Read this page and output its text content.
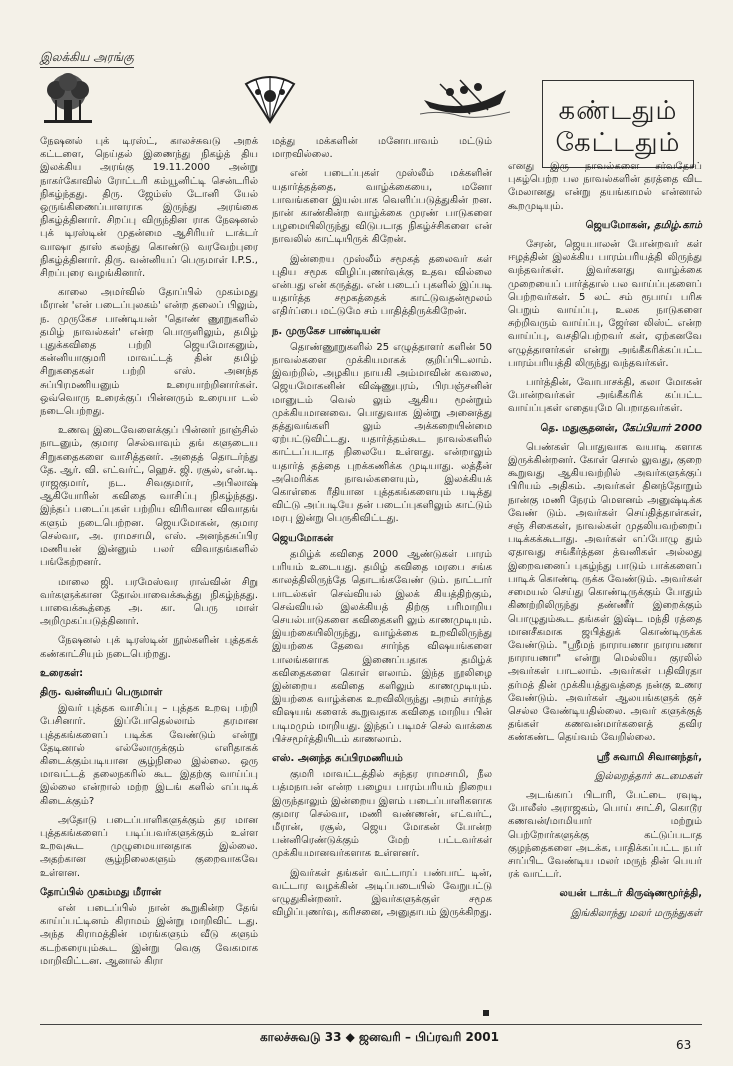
இலக்கிய அரங்கு
கண்டதும்
கேட்டதும்

நேஷனல் புக் டிரஸ்ட், காலச்சுவடு அறக் கட்டளை, நெய்தல் இணைந்து நிகழ்த் திய இலக்கிய அரங்கு 19.11.2000 அன்று நாகர்கோவில் ரோட்டரி கம்யூனிட்டி சென்டரில் நிகழ்ந்தது. திரு. ஜேம்ஸ் டோனி யேல் ஒருங்கிணைப்பாளராக இருந்து அரங்கை நிகழ்த்தினார். சிறப்பு விருந்தின ராக நேஷனல் புக் டிரஸ்டின் முதன்மை ஆசிரியர் டாக்டர் வாஷா தாஸ் கலந்து கொண்டு வரவேற்புரை நிகழ்த்தினார். திரு. வன்னியப் பெருமாள் I.P.S., சிறப்புரை வழங்கினார்.

காலை அமர்வில் தோப்பில் முகம்மது மீரான் 'என் படைப்புலகம்' என்ற தலைப் பிலும், ந. முருகேச பாண்டியன் 'தொண் ணூறுகளில் தமிழ் நாவல்கள்' என்ற பொருளிலும், தமிழ் புதுக்கவிதை பற்றி ஜெயமோகனும், கன்னியாகுமரி மாவட்டத் தின் தமிழ் சிறுகதைகள் பற்றி எஸ். அனந்த சுப்பிரமணியனும் உரையாற்றினார்கள். ஒவ்வொரு உரைக்குப் பின்னரும் உரையா டல் நடைபெற்றது.

உணவு இடைவேளைக்குப் பின்னர் நாஞ்சில் நாடனும், குமார செல்வாவும் தங் களுடைய சிறுகதைகளை வாசித்தனர். அதைத் தொடர்ந்து தே. ஆர். வி. எட்வர்ட், ஹெச். ஜி. ரசூல், என்.டி. ராஜகுமார், நட. சிவகுமார், அபிலாஷ் ஆகியோரின் கவிதை வாசிப்பு நிகழ்ந்தது. இந்தப் படைப்புகள் பற்றிய விரிவான விவாதங் களும் நடைபெற்றன. ஜெயமோகன், குமார செல்வா, அ. ராமசாமி, எஸ். அனந்தசுப்பிர மணியன் இன்னும் பலர் விவாதங்களில் பங்கேற்றனர்.

மாலை ஜி. பரமேஸ்வர ராவ்வின் சிறு வர்களுக்கான தோல்பாவைக்கூத்து நிகழ்ந்தது. பாவைக்கூத்தை அ. கா. பெரு மாள் அறிமுகப்படுத்தினார்.

நேஷனல் புக் டிரஸ்டின் நூல்களின் புத்தகக் கண்காட்சியும் நடைபெற்றது.

உரைகள்:

திரு. வன்னியப் பெருமாள்

இவர் புத்தக வாசிப்பு – புத்தக உறவு பற்றி பேசினார். இப்போதெல்லாம் தரமான புத்தகங்களைப் படிக்க வேண்டும் என்று தேடினால் எல்லோருக்கும் எளிதாகக் கிடைக்கும்படியான சூழ்நிலை இல்லை. ஒரு மாவட்டத் தலைநகரில் கூட இதற்கு வாய்ப்பு இல்லை என்றால் மற்ற இடங் களில் எப்படிக் கிடைக்கும்?

அதோடு படைப்பாளிகளுக்கும் தர மான புத்தகங்களைப் படிப்பவர்களுக்கும் உள்ள உறவுகூட முழுமையானதாக இல்லை. அதற்கான சூழ்நிலைகளும் குறைவாகவே உள்ளன.

தோப்பில் முகம்மது மீரான்

என் படைப்பில் நான் கூறுகின்ற தேங் காய்ப்பட்டினம் கிராமம் இன்று மாறிவிட் டது. அந்த கிராமத்தின் மரங்களும் வீடு களும் கடற்கரையும்கூட இன்று வெகு வேகமாக மாறிவிட்டன. ஆனால் கிரா

மத்து மக்களின் மனோபாவம் மட்டும் மாறவில்லை.

என் படைப்புகள் முஸ்லீம் மக்களின் யதார்த்தத்தை, வாழ்க்கையை, மனோ பாவங்களை இயல்பாக வெளிப்படுத்துகின் றன. நான் காண்கின்ற வாழ்க்கை முரண் பாடுகளை பழமையிலிருந்து விடுபடாத நிகழ்ச்சிகளை என் நாவலில் காட்டியிருக் கிறேன்.

இன்றைய முஸ்லீம் சமூகத் தலைவர் கள் புதிய சமூக விழிப்புணர்வுக்கு உதவ வில்லை என்பது என் கருத்து. என் படைப் புகளில் இப்படி யதார்த்த சமூகத்தைக் காட்டுவதன்மூலம் எதிர்ப்பை மட்டுமே சம் பாதித்திருக்கிறேன்.

ந. முருகேச பாண்டியன்

தொண்ணூறுகளில் 25 எழுத்தாளர் களின் 50 நாவல்களை முக்கியமாகக் குறிப்பிடலாம். இவற்றில், அழகிய நாயகி அம்மாவின் கவலை, ஜெயமோகனின் விஷ்ணுபுரம், பிரபஞ்சனின் மானுடம் வெல் லும் ஆகிய மூன்றும் முக்கியமானவை. பொதுவாக இன்று அனைத்து தத்துவங்களி லும் அக்கறையின்மை ஏற்பட்டுவிட்டது. யதார்த்தம்கூட நாவல்களில் காட்டப்படாத நிலையே உள்ளது. என்றாலும் யதார்த் தத்தை புறக்கணிக்க முடியாது. லத்தீன் அமெரிக்க நாவல்களையும், இலக்கியக் கொள்கை ரீதியான புத்தகங்களையும் படித்து விட்டு அப்படியே தன் படைப்புகளிலும் காட்டும் மரபு இன்று பெருகிவிட்டது.

ஜெயமோகன்

தமிழ்க் கவிதை 2000 ஆண்டுகள் பாரம் பரியம் உடையது. தமிழ் கவிதை மரபை சங்க காலத்திலிருந்தே தொடங்கவேண் டும். நாட்டார் பாடல்கள் செவ்வியல் இலக் கியத்திற்கும், செவ்வியல் இலக்கியத் திற்கு பரிமாறிய செயல்பாடுகளை கவிதைகளி லும் காணமுடியும். இயற்கையிலிருந்து, வாழ்க்கை உறவிலிருந்து இயற்கை தேவை சார்ந்த விஷயங்களை பாலங்களாக இணைப்பதாக தமிழ்க் கவிதைகளை கொள் ளலாம். இந்த நூலிழை இன்றைய கவிதை களிலும் காணமுடியும். இயற்கை வாழ்க்கை உறவிலிருந்து அறம் சார்ந்த விஷயங் களைக் கூறுவதாக கவிதை மாறிய பின் படிமமும் மாறியது. இந்தப் படிமச் செல் வாக்கை பிச்சமூர்த்தியிடம் காணலாம்.

எஸ். அனந்த சுப்பிரமணியம்

குமரி மாவட்டத்தில் சுந்தர ராமசாமி, நீல பத்மநாபன் என்ற பழைய பாரம்பரியம் நிறைய இருந்தாலும் இன்றைய இளம் படைப்பாளிகளாக குமார செல்வா, மணி வண்ணன், எட்வர்ட், மீரான், ரசூல், ஜெய மோகன் போன்ற பன்னிரெண்டுக்கும் மேற் பட்டவர்கள் முக்கியமானவர்களாக உள்ளனர்.

இவர்கள் தங்கள் வட்டாரப் பண்பாட் டின், வட்டார வழக்கின் அடிப்படையில் வேறுபட்டு எழுதுகின்றனர். இவர்களுக்குள் சமூக விழிப்புணர்வு, கரிசனை, அனுதாபம் இருக்கிறது.

எனது இரு நாவல்களை சர்வதேசப் புகழ்பெற்ற பல நாவல்களின் தரத்தை விட மேலானது என்று தயங்காமல் என்னால் கூறமுடியும்.

ஜெயமோகன், தமிழ்.காம்

சேரன், ஜெயபாலன் போன்றவர் கள் ஈழத்தின் இலக்கிய பாரம்பரியத்தி லிருந்து வந்தவர்கள். இவர்களது வாழ்க்கை முறையைப் பார்த்தால் பல வாய்ப்புகளைப் பெற்றவர்கள். 5 லட் சம் ரூபாய் பரிசு பெறும் வாய்ப்பு, உலக நாடுகளை சுற்றிவரும் வாய்ப்பு, ஜேர்ன லிஸ்ட் என்ற வாய்ப்பு, வசதிபெற்றவர் கள், ஏற்கனவே எழுத்தாளர்கள் என்று அங்கீகரிக்கப்பட்ட பாரம்பரியத்தி லிருந்து வந்தவர்கள்.

பார்த்தின், வோபாசக்தி, கலா மோகன் போன்றவர்கள் அங்கீகரிக் கப்பட்ட வாய்ப்புகள் எதையுமே பெறாதவர்கள்.

தெ. மதுசூதனன், கேப்பியார் 2000

பெண்கள் பொதுவாக வயாடி களாக இருக்கின்றனர். கோள் சொல் லுவது, குறை கூறுவது ஆகியவற்றில் அவர்களுக்குப் பிரியம் அதிகம். அவர்கள் தினந்தோறும் நான்கு மணி நேரம் மௌனம் அனுஷ்டிக்க வேண் டும். அவர்கள் செய்தித்தாள்கள், சஞ் சிகைகள், நாவல்கள் முதலியவற்றைப் படிக்கக்கூடாது. அவர்கள் எப்போழு தும் ஏதாவது சங்கீர்த்தன த்வனிகள் அல்லது இறைவனைப் புகழ்ந்து பாடும் பாக்களைப் பாடிக் கொண்டி ருக்க வேண்டும். அவர்கள் சமையல் செய்து கொண்டிருக்கும் போதும் கிணற்றிலிருந்து தண்ணீர் இறைக்கும் பொழுதும்கூட தங்கள் இஷ்ட மந்தி ரத்தை மானசீகமாக ஜபித்துக் கொண்டிருக்க வேண்டும். "ஸ்ரீமந் நாராயணா நாராயணா நாராயணா" என்று மெல்லிய குரலில் அவர்கள் பாடலாம். அவர்கள் பதிவிரதா தர்மத் தின் முக்கியத்துவத்தை நன்கு உணர வேண்டும். அவர்கள் ஆலயங்களுக் குச் செல்ல வேண்டியதில்லை. அவர் களுக்குத் தங்கள் கணவன்மார்களைத் தவிர கண்கண்ட தெய்வம் வேறில்லை.

ஸ்ரீ சுவாமி சிவானந்தர்,

இல்லறத்தார் கடமைகள்

அடங்காப் பிடாரி, பேட்டை ரவுடி, போலீஸ் அராஜகம், பொய் சாட்சி, கொடூர கணவன்/மாமியார் மற்றும் பெற்றோர்களுக்கு கட்டுப்படாத குழந்தைகளை அடக்க, பாதிக்கப்பட்ட நபர் சாப்பிட வேண்டிய மலர் மருந் தின் பெயர் ரக் வாட்டர்.

லயன் டாக்டர் கிருஷ்ணமூர்த்தி,

இங்கிலாந்து மலர் மருந்துகள்

காலச்சுவடு 33 ◆ ஜனவரி – பிப்ரவரி 2001
63
